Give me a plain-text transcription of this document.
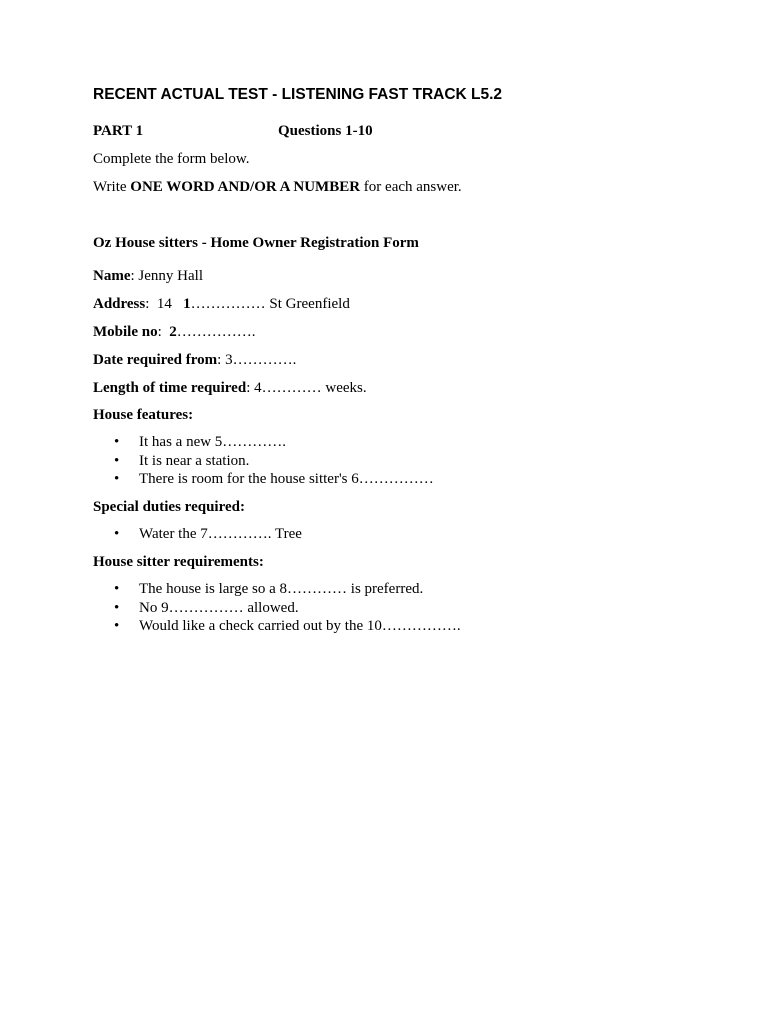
RECENT ACTUAL TEST - LISTENING FAST TRACK L5.2
PART 1	Questions 1-10
Complete the form below.
Write ONE WORD AND/OR A NUMBER for each answer.
Oz House sitters - Home Owner Registration Form
Name: Jenny Hall
Address:  14   1…………… St Greenfield
Mobile no:  2…………….
Date required from: 3………….
Length of time required: 4………… weeks.
House features:
• It has a new 5………….
• It is near a station.
• There is room for the house sitter's 6……………
Special duties required:
• Water the 7…………. Tree
House sitter requirements:
• The house is large so a 8………… is preferred.
• No 9…………… allowed.
• Would like a check carried out by the 10…………….
